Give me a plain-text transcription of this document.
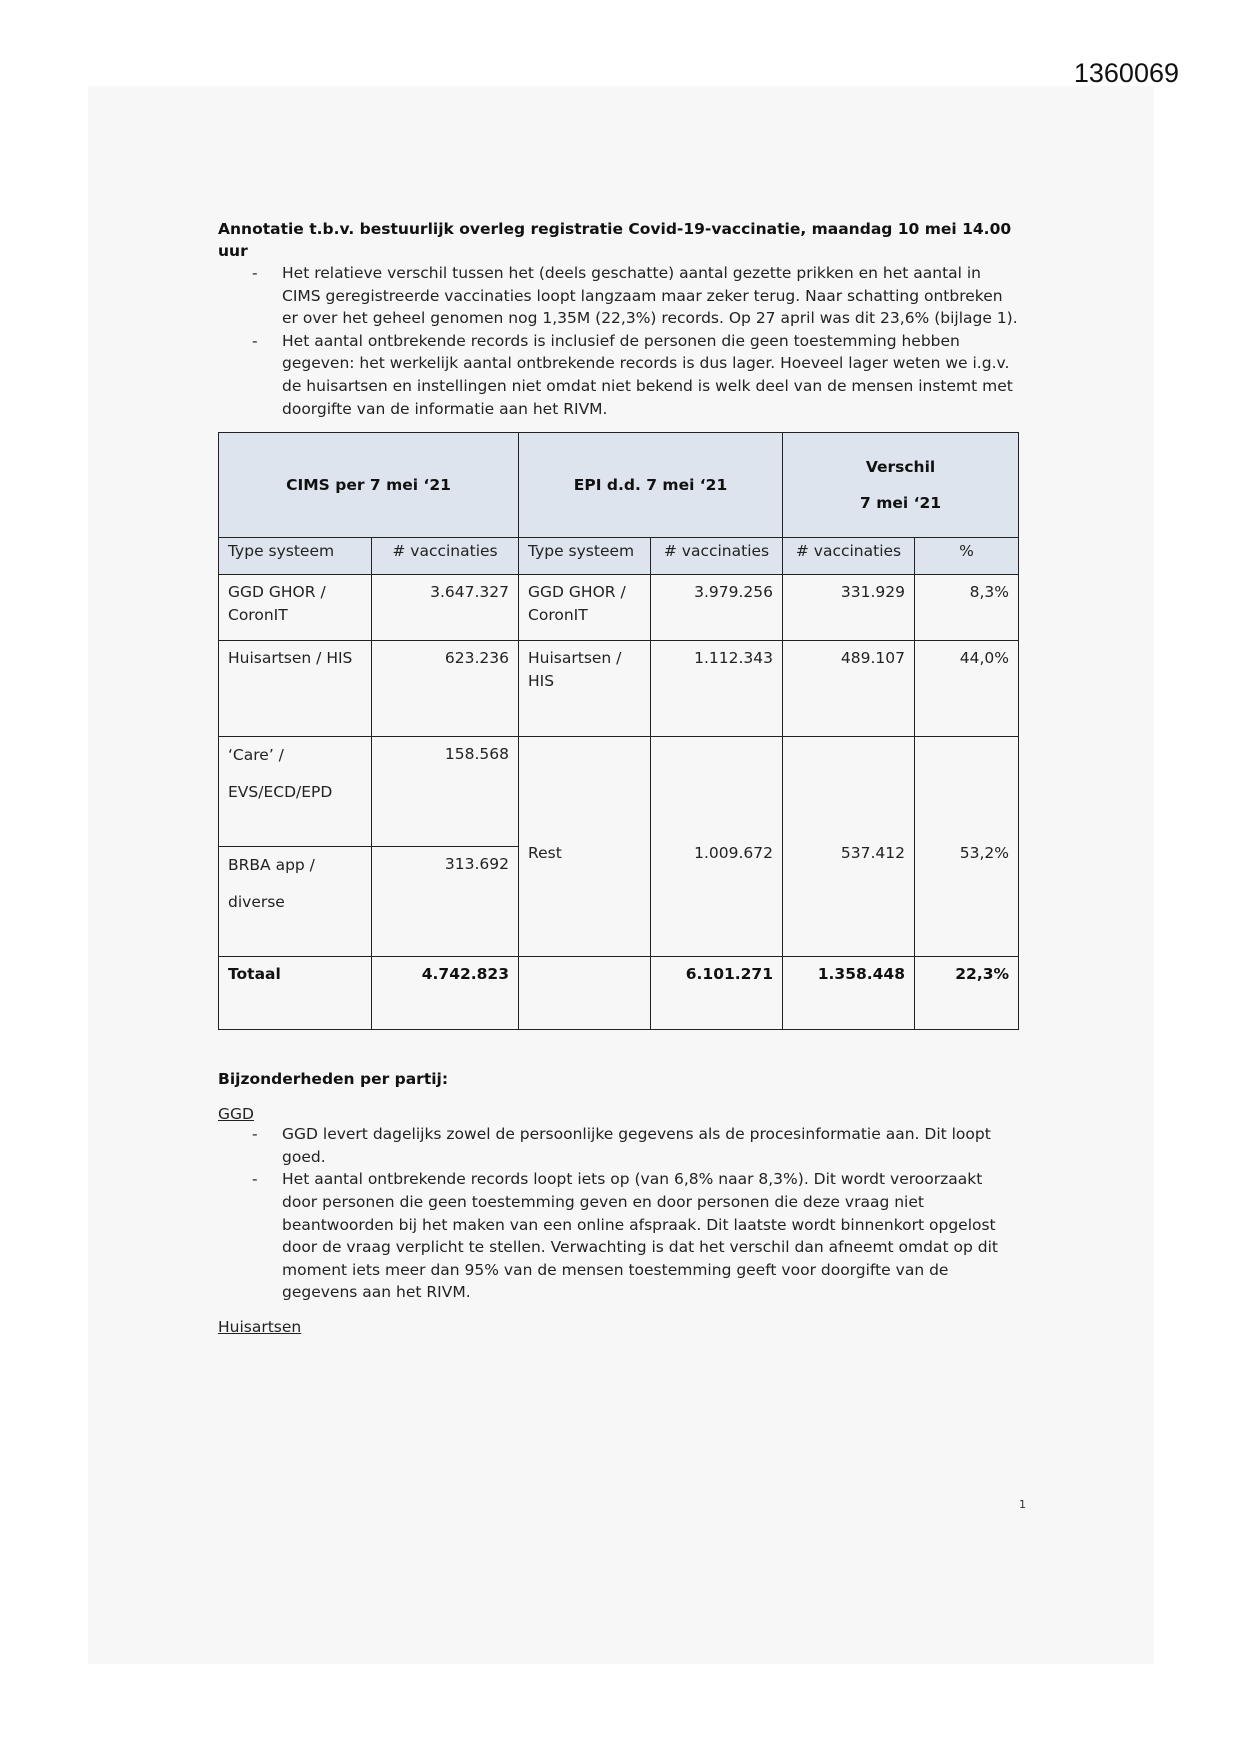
1360069

Annotatie t.b.v. bestuurlijk overleg registratie Covid-19-vaccinatie, maandag 10 mei 14.00 uur

- Het relatieve verschil tussen het (deels geschatte) aantal gezette prikken en het aantal in CIMS geregistreerde vaccinaties loopt langzaam maar zeker terug. Naar schatting ontbreken er over het geheel genomen nog 1,35M (22,3%) records. Op 27 april was dit 23,6% (bijlage 1).
- Het aantal ontbrekende records is inclusief de personen die geen toestemming hebben gegeven: het werkelijk aantal ontbrekende records is dus lager. Hoeveel lager weten we i.g.v. de huisartsen en instellingen niet omdat niet bekend is welk deel van de mensen instemt met doorgifte van de informatie aan het RIVM.
CIMS per 7 mei ‘21		EPI d.d. 7 mei ‘21		Verschil
7 mei ‘21	

Type systeem	# vaccinaties	Type systeem	# vaccinaties	# vaccinaties	%
GGD GHOR / CoronIT	3.647.327	GGD GHOR / CoronIT	3.979.256	331.929	8,3%
Huisartsen / HIS	623.236	Huisartsen / HIS	1.112.343	489.107	44,0%
‘Care’ / EVS/ECD/EPD	158.568	Rest	1.009.672	537.412	53,2%
BRBA app / diverse	313.692				
Totaal	4.742.823		6.101.271	1.358.448	22,3%
Bijzonderheden per partij:
GGD
- GGD levert dagelijks zowel de persoonlijke gegevens als de procesinformatie aan. Dit loopt goed.
- Het aantal ontbrekende records loopt iets op (van 6,8% naar 8,3%). Dit wordt veroorzaakt door personen die geen toestemming geven en door personen die deze vraag niet beantwoorden bij het maken van een online afspraak. Dit laatste wordt binnenkort opgelost door de vraag verplicht te stellen. Verwachting is dat het verschil dan afneemt omdat op dit moment iets meer dan 95% van de mensen toestemming geeft voor doorgifte van de gegevens aan het RIVM.
Huisartsen
1
